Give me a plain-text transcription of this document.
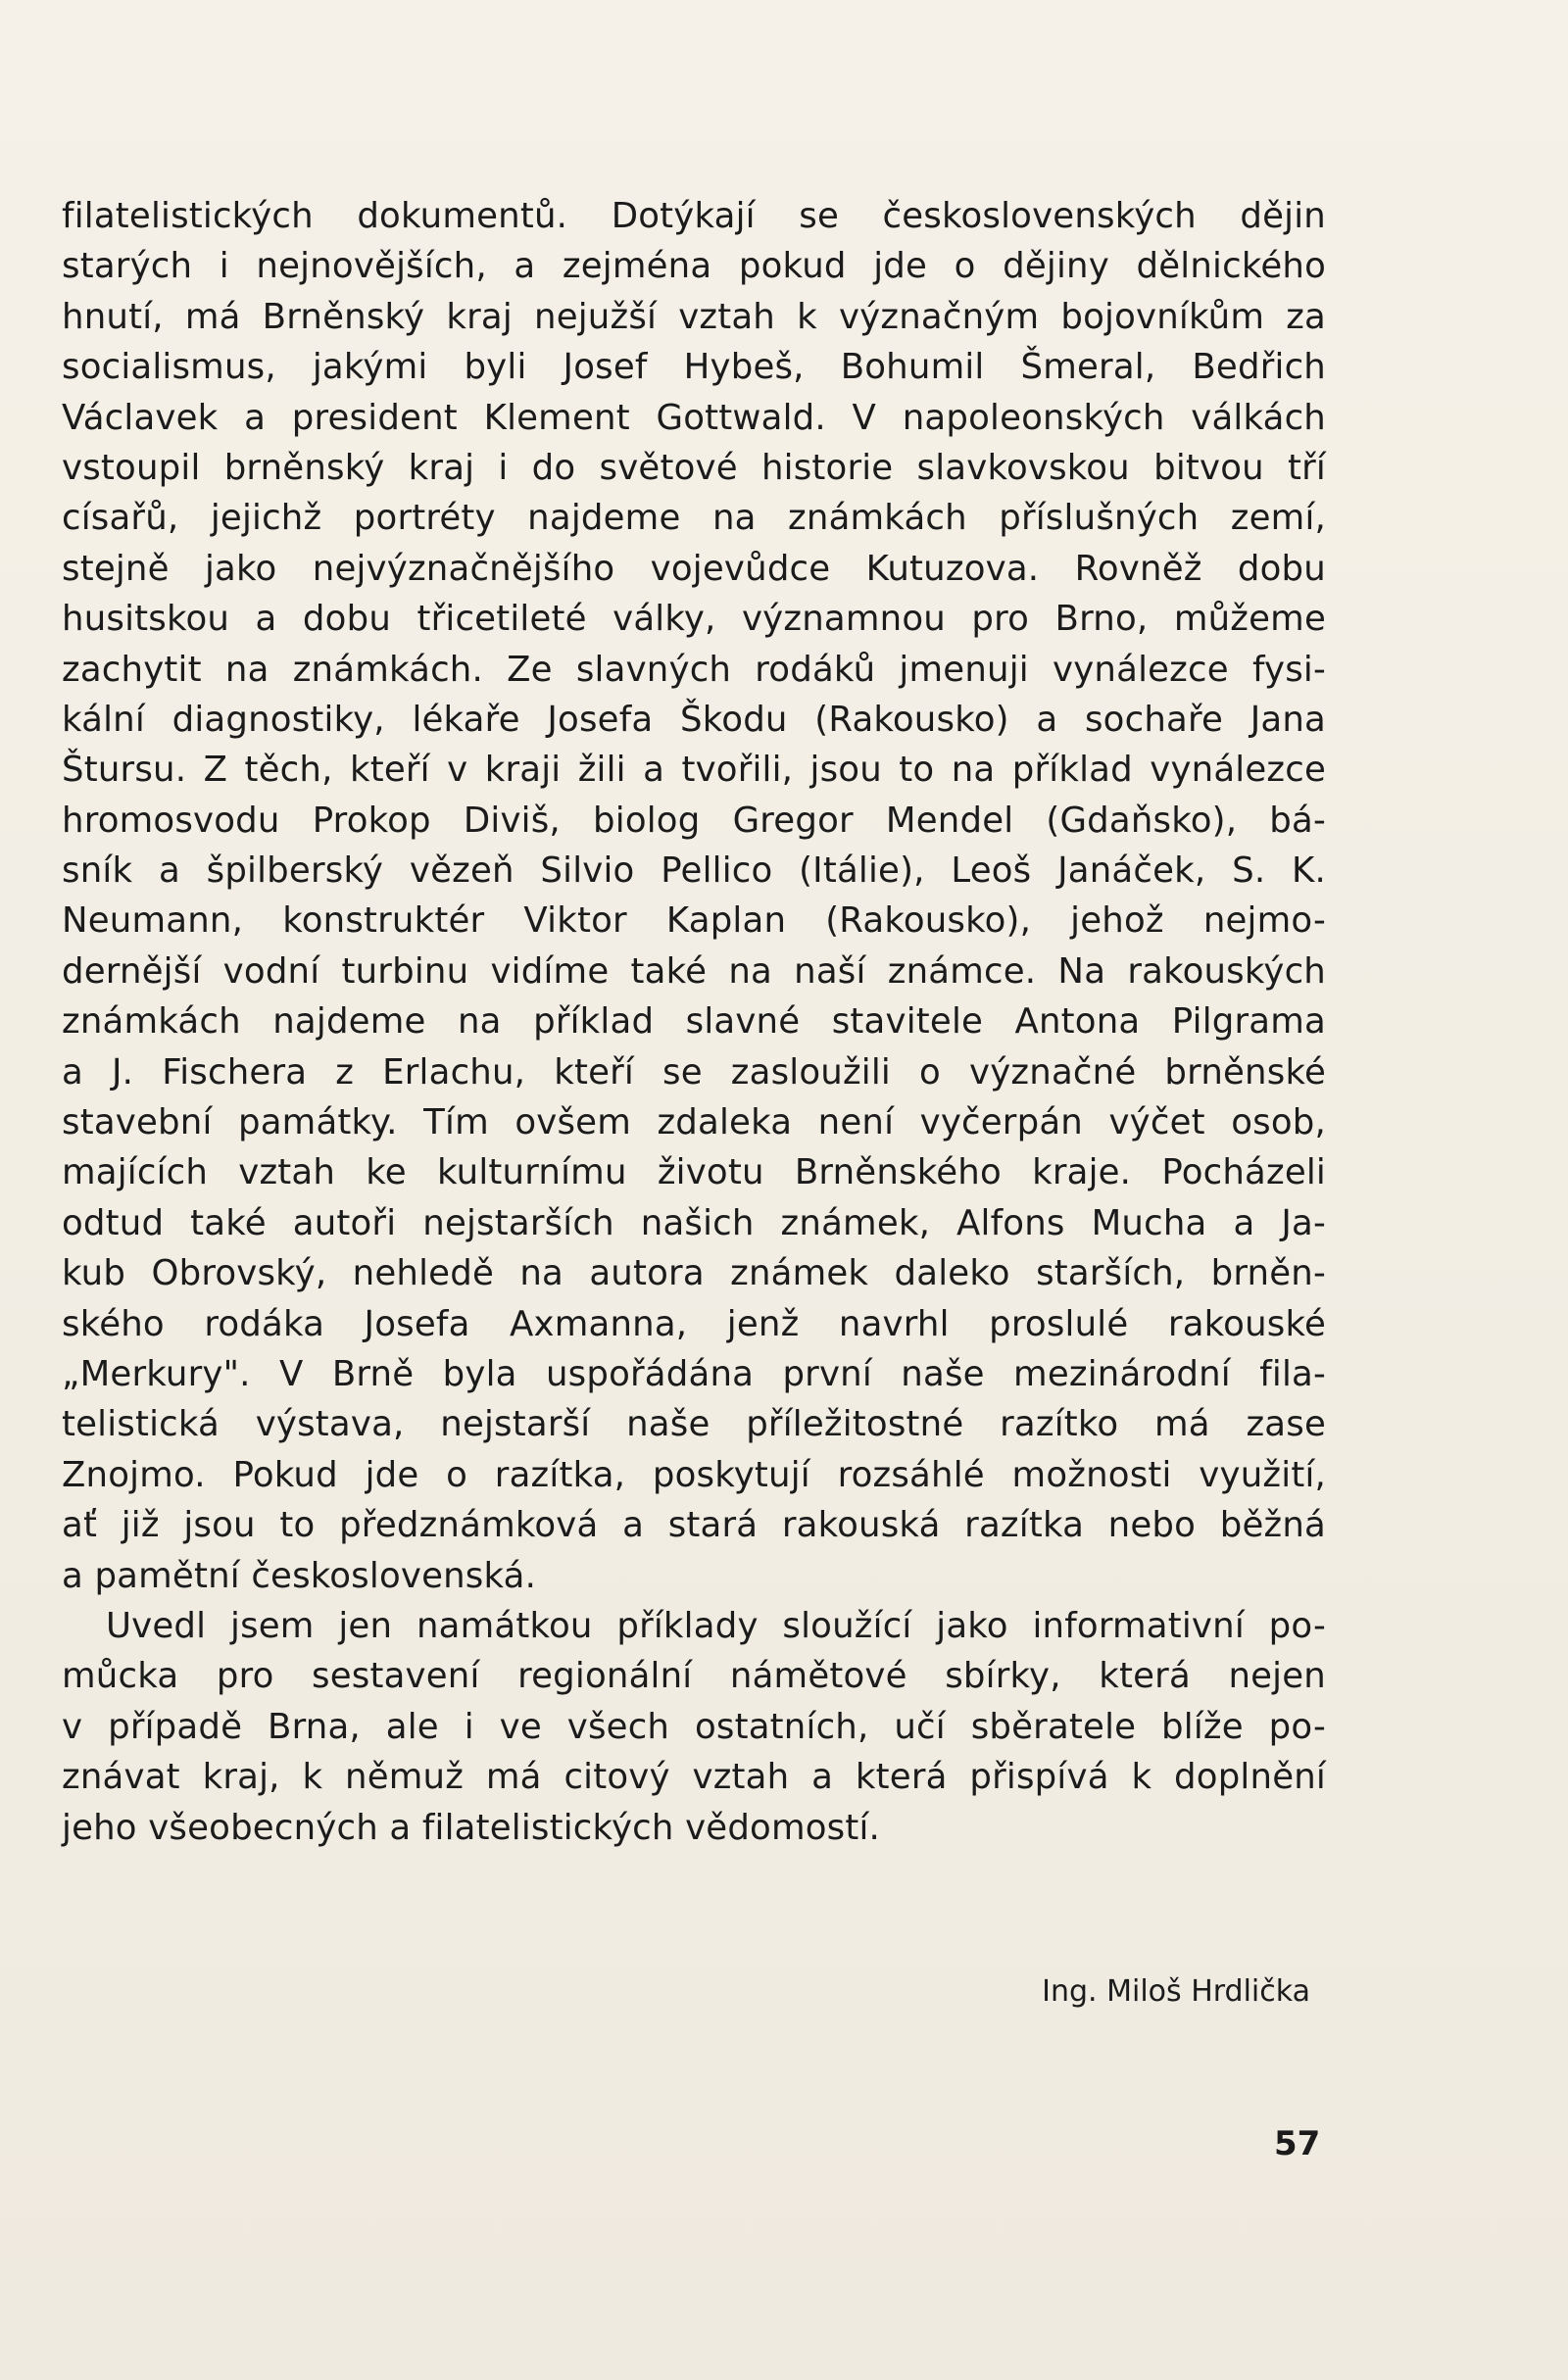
filatelistických dokumentů. Dotýkají se československých dějin
starých i nejnovějších, a zejména pokud jde o dějiny dělnického
hnutí, má Brněnský kraj nejužší vztah k význačným bojovníkům za
socialismus, jakými byli Josef Hybeš, Bohumil Šmeral, Bedřich
Václavek a president Klement Gottwald. V napoleonských válkách
vstoupil brněnský kraj i do světové historie slavkovskou bitvou tří
císařů, jejichž portréty najdeme na známkách příslušných zemí,
stejně jako nejvýznačnějšího vojevůdce Kutuzova. Rovněž dobu
husitskou a dobu třicetileté války, významnou pro Brno, můžeme
zachytit na známkách. Ze slavných rodáků jmenuji vynálezce fysi-
kální diagnostiky, lékaře Josefa Škodu (Rakousko) a sochaře Jana
Štursu. Z těch, kteří v kraji žili a tvořili, jsou to na příklad vynálezce
hromosvodu Prokop Diviš, biolog Gregor Mendel (Gdaňsko), bá-
sník a špilberský vězeň Silvio Pellico (Itálie), Leoš Janáček, S. K.
Neumann, konstruktér Viktor Kaplan (Rakousko), jehož nejmo-
dernější vodní turbinu vidíme také na naší známce. Na rakouských
známkách najdeme na příklad slavné stavitele Antona Pilgrama
a J. Fischera z Erlachu, kteří se zasloužili o význačné brněnské
stavební památky. Tím ovšem zdaleka není vyčerpán výčet osob,
majících vztah ke kulturnímu životu Brněnského kraje. Pocházeli
odtud také autoři nejstarších našich známek, Alfons Mucha a Ja-
kub Obrovský, nehledě na autora známek daleko starších, brněn-
ského rodáka Josefa Axmanna, jenž navrhl proslulé rakouské
„Merkury". V Brně byla uspořádána první naše mezinárodní fila-
telistická výstava, nejstarší naše příležitostné razítko má zase
Znojmo. Pokud jde o razítka, poskytují rozsáhlé možnosti využití,
ať již jsou to předznámková a stará rakouská razítka nebo běžná
a pamětní československá.
Uvedl jsem jen namátkou příklady sloužící jako informativní po-
můcka pro sestavení regionální námětové sbírky, která nejen
v případě Brna, ale i ve všech ostatních, učí sběratele blíže po-
znávat kraj, k němuž má citový vztah a která přispívá k doplnění
jeho všeobecných a filatelistických vědomostí.
Ing. Miloš Hrdlička
57
